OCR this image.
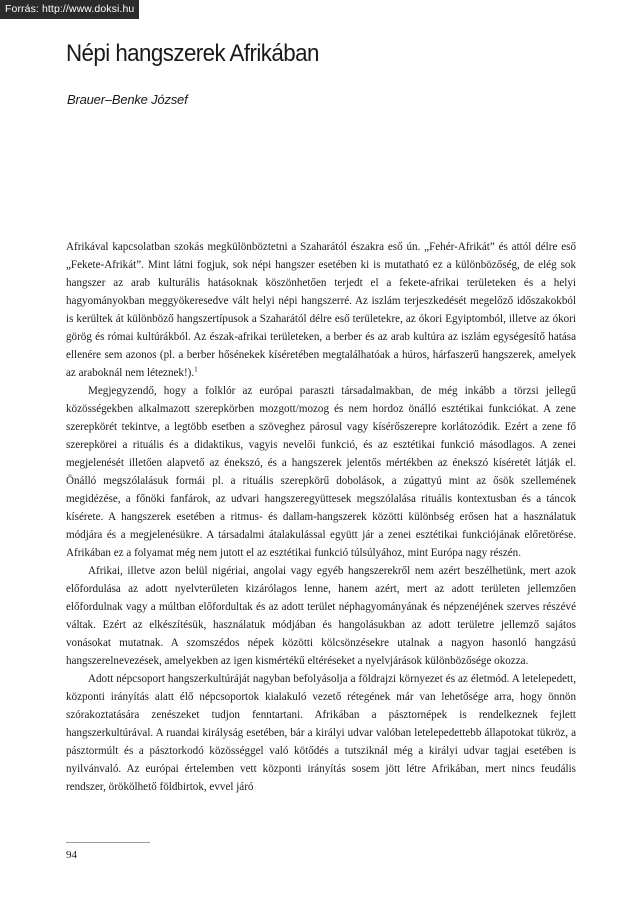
Forrás: http://www.doksi.hu
Népi hangszerek Afrikában
Brauer–Benke József

Afrikával kapcsolatban szokás megkülönböztetni a Szaharától északra eső ún. „Fehér-Afrikát” és attól délre eső „Fekete-Afrikát”. Mint látni fogjuk, sok népi hangszer esetében ki is mutatható ez a különbözőség, de elég sok hangszer az arab kulturális hatásoknak köszönhetően terjedt el a fekete-afrikai területeken és a helyi hagyományokban meggyökeresedve vált helyi népi hangszerré. Az iszlám terjeszkedését megelőző időszakokból is kerültek át különböző hangszertípusok a Szaharától délre eső területekre, az ókori Egyiptomból, illetve az ókori görög és római kultúrákból. Az észak-afrikai területeken, a berber és az arab kultúra az iszlám egységesítő hatása ellenére sem azonos (pl. a berber hősénekek kíséretében megtalálhatóak a húros, hárfaszerű hangszerek, amelyek az araboknál nem léteznek!).$^1$

Megjegyzendő, hogy a folklór az európai paraszti társadalmakban, de még inkább a törzsi jellegű közösségekben alkalmazott szerepkörben mozgott/mozog és nem hordoz önálló esztétikai funkciókat. A zene szerepkörét tekintve, a legtöbb esetben a szöveghez párosul vagy kísérőszerepre korlátozódik. Ezért a zene fő szerepkörei a rituális és a didaktikus, vagyis nevelői funkció, és az esztétikai funkció másodlagos. A zenei megjelenését illetően alapvető az énekszó, és a hangszerek jelentős mértékben az énekszó kíséretét látják el. Önálló megszólalásuk formái pl. a rituális szerepkörű dobolások, a zúgattyú mint az ősök szellemének megidézése, a főnöki fanfárok, az udvari hangszeregyüttesek megszólalása rituális kontextusban és a táncok kísérete. A hangszerek esetében a ritmus- és dallam-hangszerek közötti különbség erősen hat a használatuk módjára és a megjelenésükre. A társadalmi átalakulással együtt jár a zenei esztétikai funkciójának előretörése. Afrikában ez a folyamat még nem jutott el az esztétikai funkció túlsúlyához, mint Európa nagy részén.

Afrikai, illetve azon belül nigériai, angolai vagy egyéb hangszerekről nem azért beszélhetünk, mert azok előfordulása az adott nyelvterületen kizárólagos lenne, hanem azért, mert az adott területen jellemzően előfordulnak vagy a múltban előfordultak és az adott terület néphagyományának és népzenéjének szerves részévé váltak. Ezért az elkészítésük, használatuk módjában és hangolásukban az adott területre jellemző sajátos vonásokat mutatnak. A szomszédos népek közötti kölcsönzésekre utalnak a nagyon hasonló hangzású hangszerelnevezések, amelyekben az igen kismértékű eltéréseket a nyelvjárások különbözősége okozza.

Adott népcsoport hangszerkultúráját nagyban befolyásolja a földrajzi környezet és az életmód. A letelepedett, központi irányítás alatt élő népcsoportok kialakuló vezető rétegének már van lehetősége arra, hogy önnön szórakoztatására zenészeket tudjon fenntartani. Afrikában a pásztornépek is rendelkeznek fejlett hangszerkultúrával. A ruandai királyság esetében, bár a királyi udvar valóban letelepedettebb állapotokat tükröz, a pásztormúlt és a pásztorkodó közösséggel való kötődés a tutsziknál még a királyi udvar tagjai esetében is nyilvánvaló. Az európai értelemben vett központi irányítás sosem jött létre Afrikában, mert nincs feudális rendszer, örökölhető földbirtok, evvel járó

94
